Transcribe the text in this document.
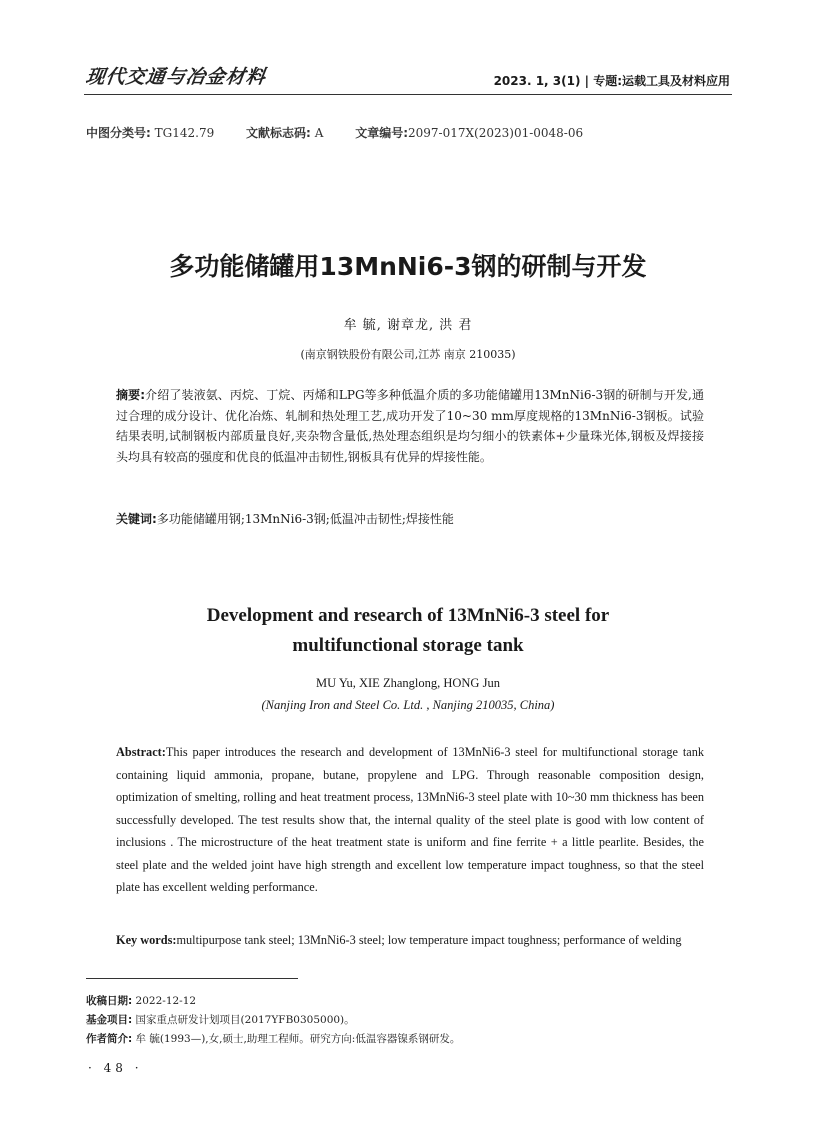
现代交通与冶金材料	2023. 1, 3(1) | 专题:运载工具及材料应用
中图分类号: TG142.79	文献标志码: A	文章编号:2097-017X(2023)01-0048-06
多功能储罐用13MnNi6-3钢的研制与开发
牟 毓, 谢章龙, 洪 君
(南京钢铁股份有限公司,江苏 南京 210035)
摘要:介绍了装液氨、丙烷、丁烷、丙烯和LPG等多种低温介质的多功能储罐用13MnNi6-3钢的研制与开发,通过合理的成分设计、优化冶炼、轧制和热处理工艺,成功开发了10~30 mm厚度规格的13MnNi6-3钢板。试验结果表明,试制钢板内部质量良好,夹杂物含量低,热处理态组织是均匀细小的铁素体+少量珠光体,钢板及焊接接头均具有较高的强度和优良的低温冲击韧性,钢板具有优异的焊接性能。
关键词:多功能储罐用钢;13MnNi6-3钢;低温冲击韧性;焊接性能
Development and research of 13MnNi6-3 steel for
multifunctional storage tank
MU Yu, XIE Zhanglong, HONG Jun
(Nanjing Iron and Steel Co. Ltd. , Nanjing 210035, China)
Abstract:This paper introduces the research and development of 13MnNi6-3 steel for multifunctional storage tank containing liquid ammonia, propane, butane, propylene and LPG. Through reasonable composition design, optimization of smelting, rolling and heat treatment process, 13MnNi6-3 steel plate with 10~30 mm thickness has been successfully developed. The test results show that, the internal quality of the steel plate is good with low content of inclusions . The microstructure of the heat treatment state is uniform and fine ferrite + a little pearlite. Besides, the steel plate and the welded joint have high strength and excellent low temperature impact toughness, so that the steel plate has excellent welding performance.
Key words: multipurpose tank steel; 13MnNi6-3 steel; low temperature impact toughness; performance of welding
收稿日期: 2022-12-12
基金项目: 国家重点研发计划项目(2017YFB0305000)。
作者简介: 牟 毓(1993—),女,硕士,助理工程师。研究方向:低温容器镍系钢研发。
· 48 ·
